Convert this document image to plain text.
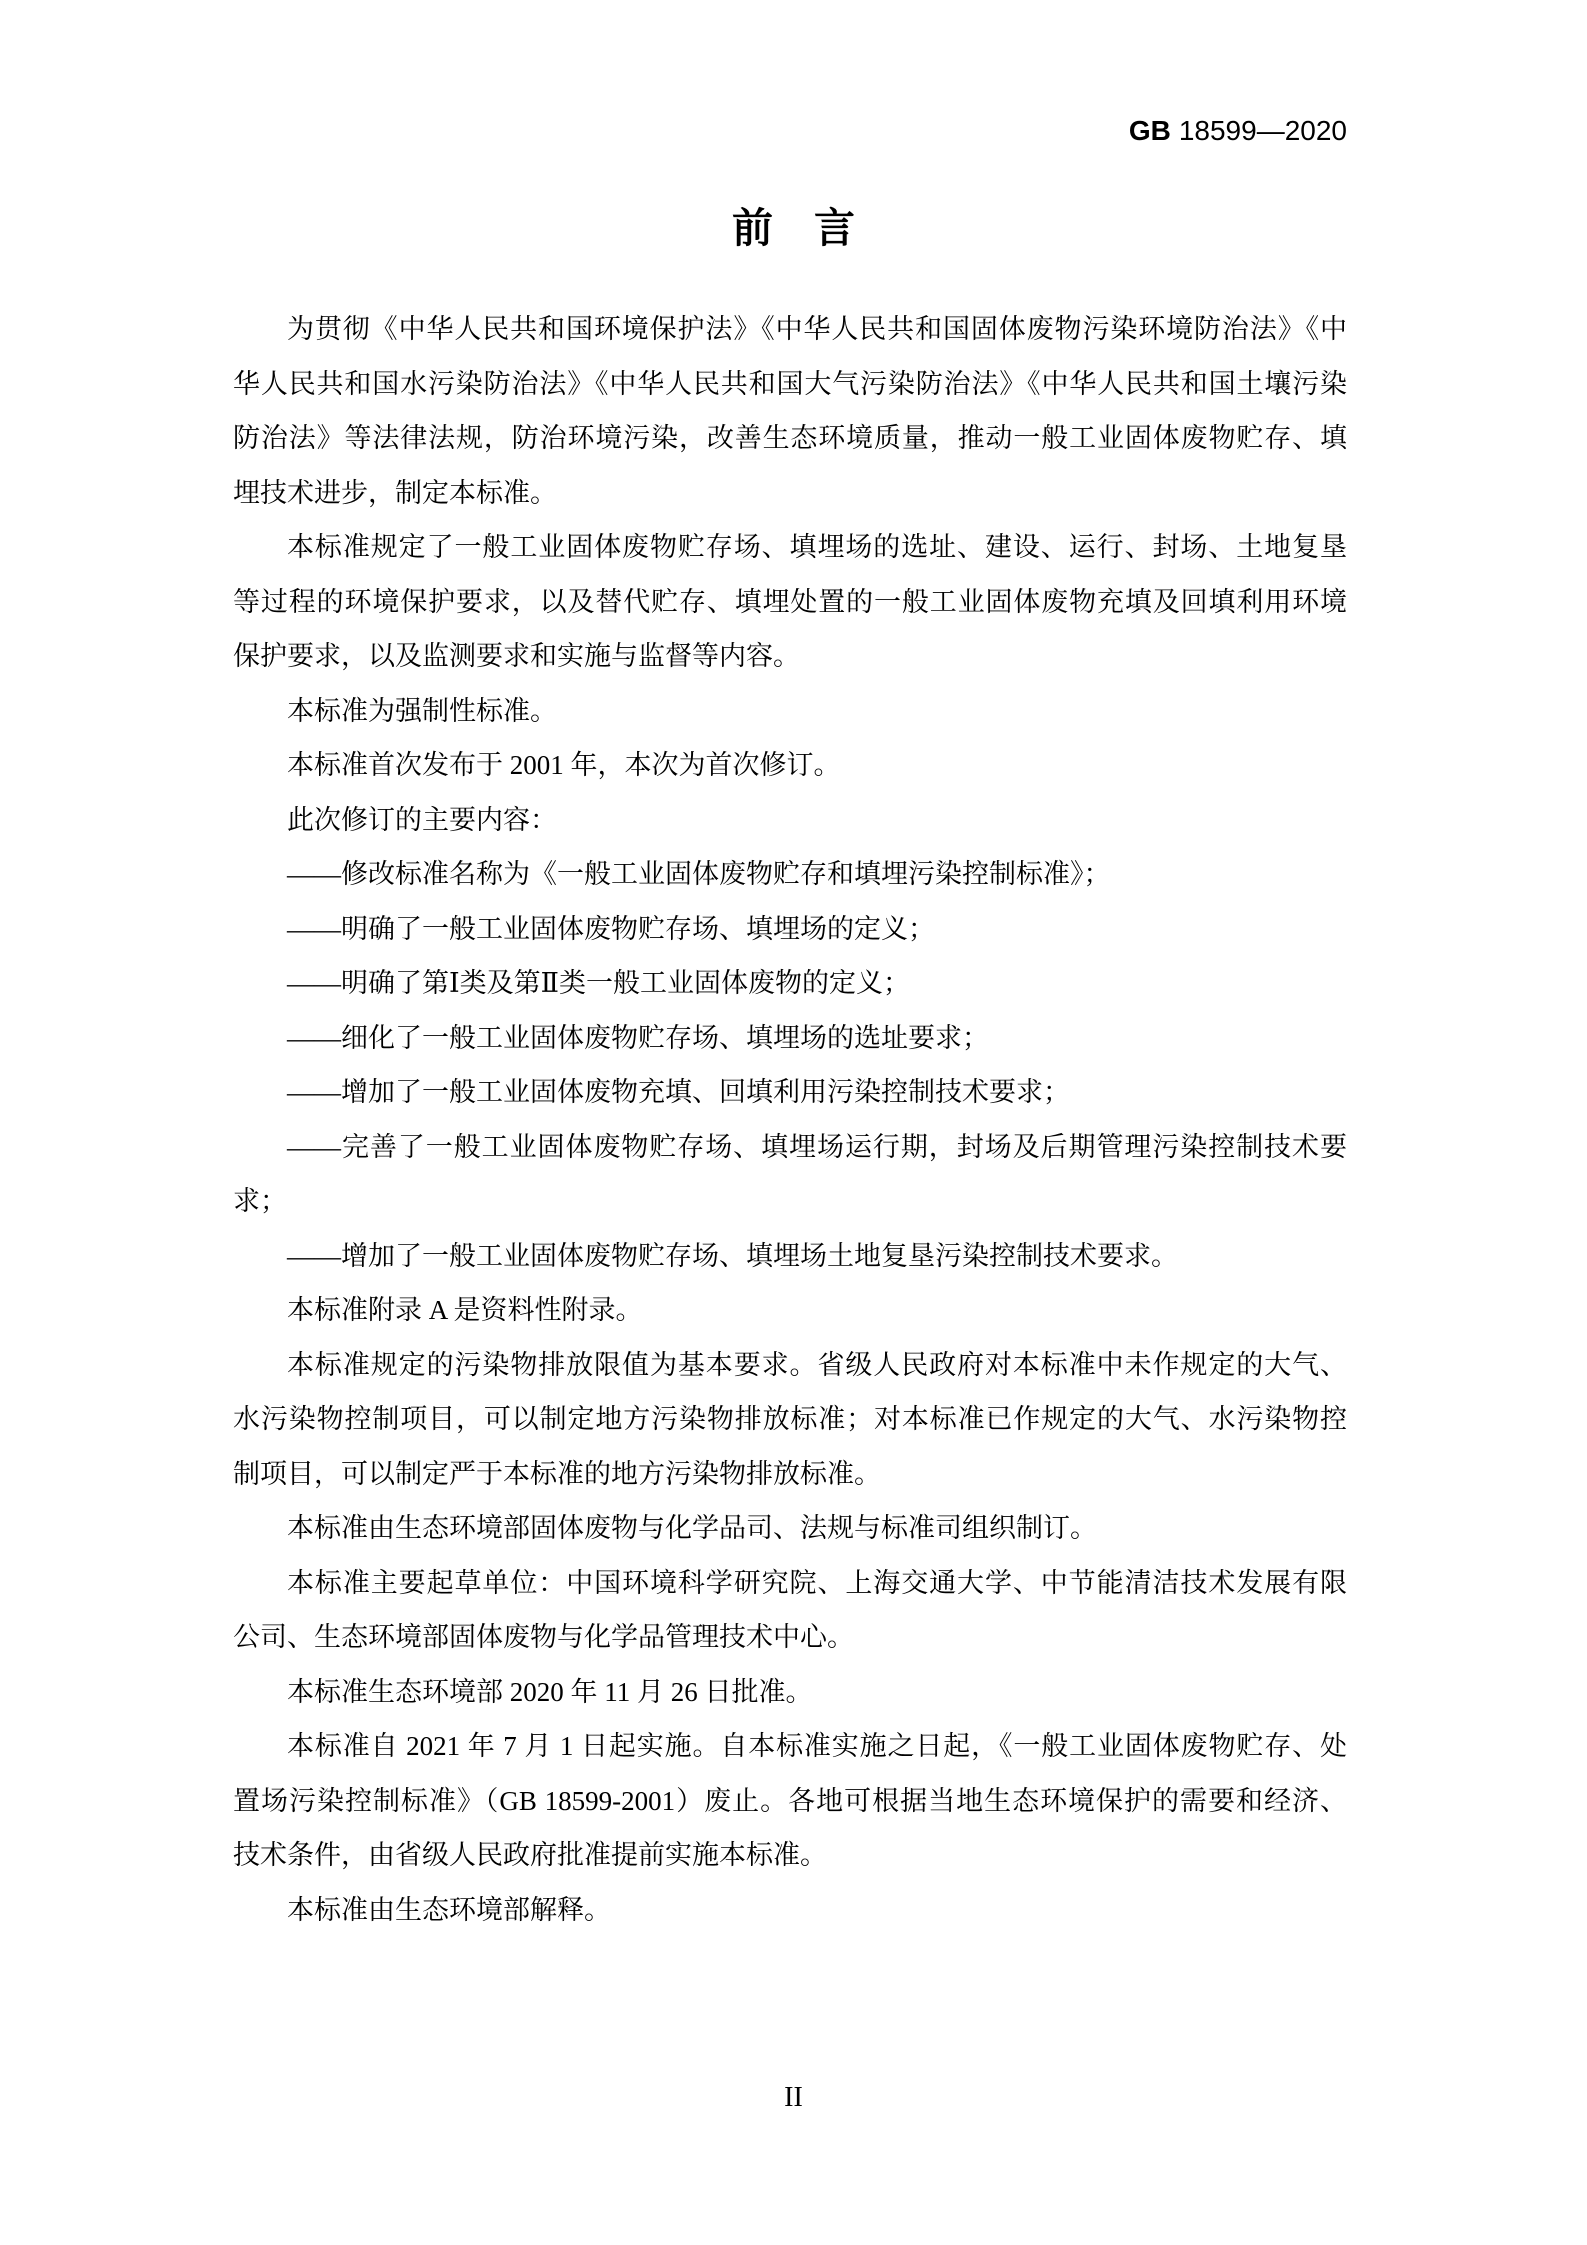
GB 18599—2020
前　言
为贯彻《中华人民共和国环境保护法》《中华人民共和国固体废物污染环境防治法》《中
华人民共和国水污染防治法》《中华人民共和国大气污染防治法》《中华人民共和国土壤污染
防治法》等法律法规，防治环境污染，改善生态环境质量，推动一般工业固体废物贮存、填
埋技术进步，制定本标准。
本标准规定了一般工业固体废物贮存场、填埋场的选址、建设、运行、封场、土地复垦
等过程的环境保护要求，以及替代贮存、填埋处置的一般工业固体废物充填及回填利用环境
保护要求，以及监测要求和实施与监督等内容。
本标准为强制性标准。
本标准首次发布于 2001 年，本次为首次修订。
此次修订的主要内容：
——修改标准名称为《一般工业固体废物贮存和填埋污染控制标准》；
——明确了一般工业固体废物贮存场、填埋场的定义；
——明确了第Ⅰ类及第Ⅱ类一般工业固体废物的定义；
——细化了一般工业固体废物贮存场、填埋场的选址要求；
——增加了一般工业固体废物充填、回填利用污染控制技术要求；
——完善了一般工业固体废物贮存场、填埋场运行期，封场及后期管理污染控制技术要
求；
——增加了一般工业固体废物贮存场、填埋场土地复垦污染控制技术要求。
本标准附录 A 是资料性附录。
本标准规定的污染物排放限值为基本要求。省级人民政府对本标准中未作规定的大气、
水污染物控制项目，可以制定地方污染物排放标准；对本标准已作规定的大气、水污染物控
制项目，可以制定严于本标准的地方污染物排放标准。
本标准由生态环境部固体废物与化学品司、法规与标准司组织制订。
本标准主要起草单位：中国环境科学研究院、上海交通大学、中节能清洁技术发展有限
公司、生态环境部固体废物与化学品管理技术中心。
本标准生态环境部 2020 年 11 月 26 日批准。
本标准自 2021 年 7 月 1 日起实施。自本标准实施之日起，《一般工业固体废物贮存、处
置场污染控制标准》（GB 18599-2001）废止。各地可根据当地生态环境保护的需要和经济、
技术条件，由省级人民政府批准提前实施本标准。
本标准由生态环境部解释。
II
